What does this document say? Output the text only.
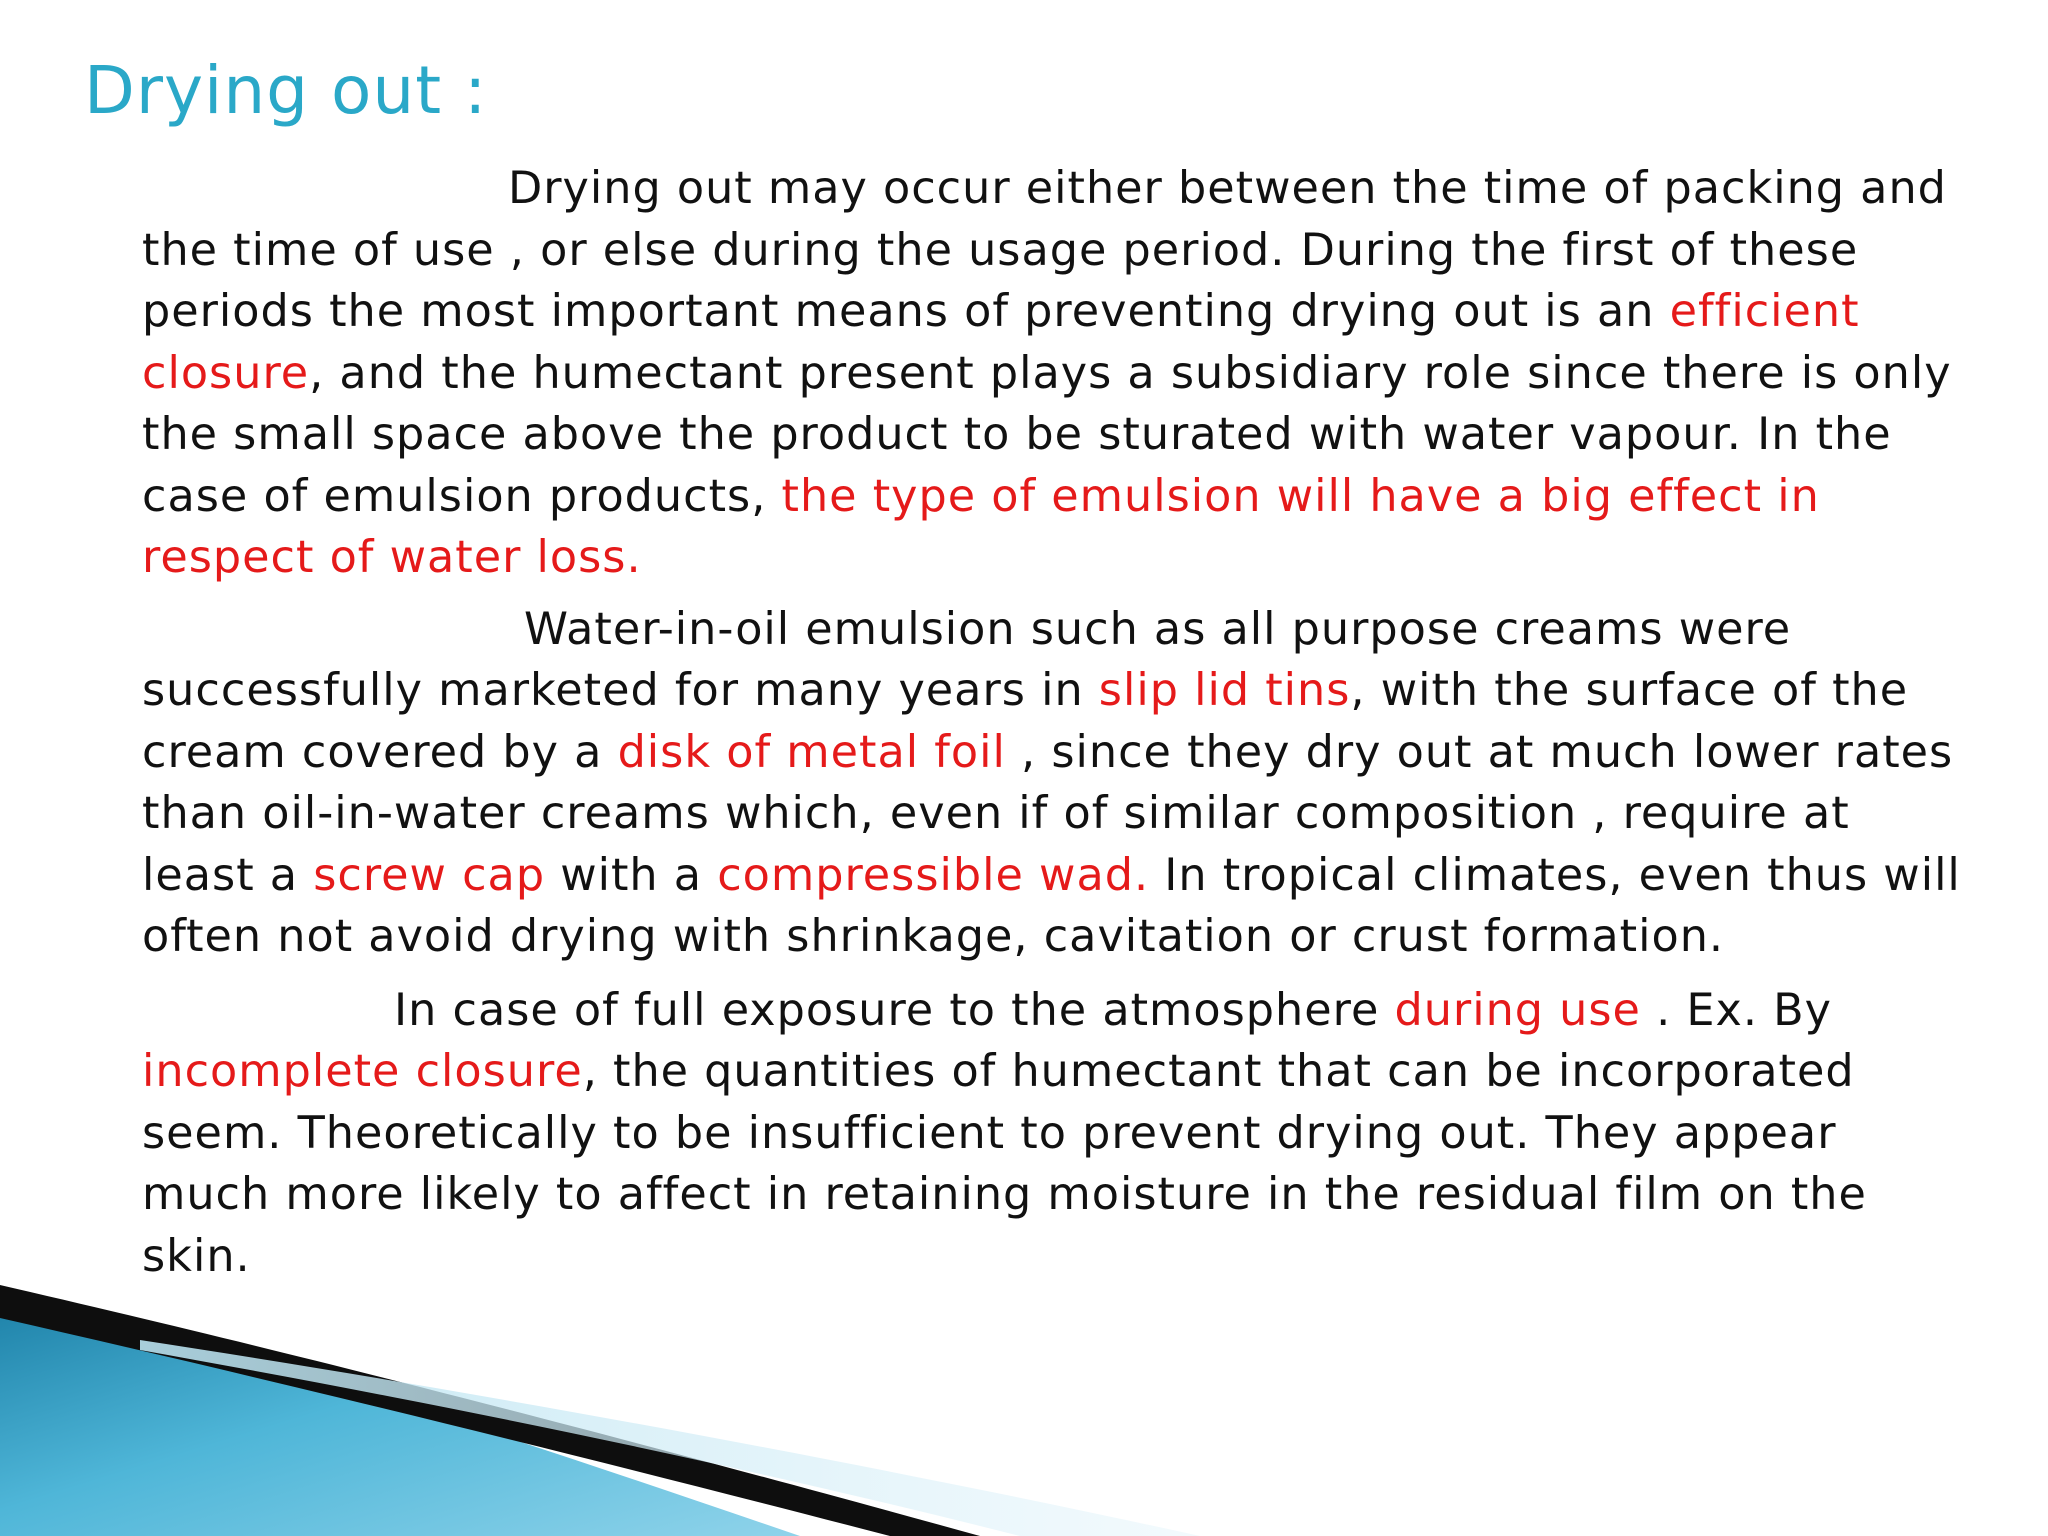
Drying out :

Drying out may occur either between the time of packing and the time of use , or else during the usage period. During the first of these periods the most important means of preventing drying out is an efficient closure, and the humectant present plays a subsidiary role since there is only the small space above the product to be sturated with water vapour. In the case of emulsion products, the type of emulsion will have a big effect in respect of water loss.

Water-in-oil emulsion such as all purpose creams were successfully marketed for many years in slip lid tins, with the surface of the cream covered by a disk of metal foil , since they dry out at much lower rates than oil-in-water creams which, even if of similar composition , require at least a screw cap with a compressible wad. In tropical climates, even thus will often not avoid drying with shrinkage, cavitation or crust formation.

In case of full exposure to the atmosphere during use . Ex. By incomplete closure, the quantities of humectant that can be incorporated seem. Theoretically to be insufficient to prevent drying out. They appear much more likely to affect in retaining moisture in the residual film on the skin.
